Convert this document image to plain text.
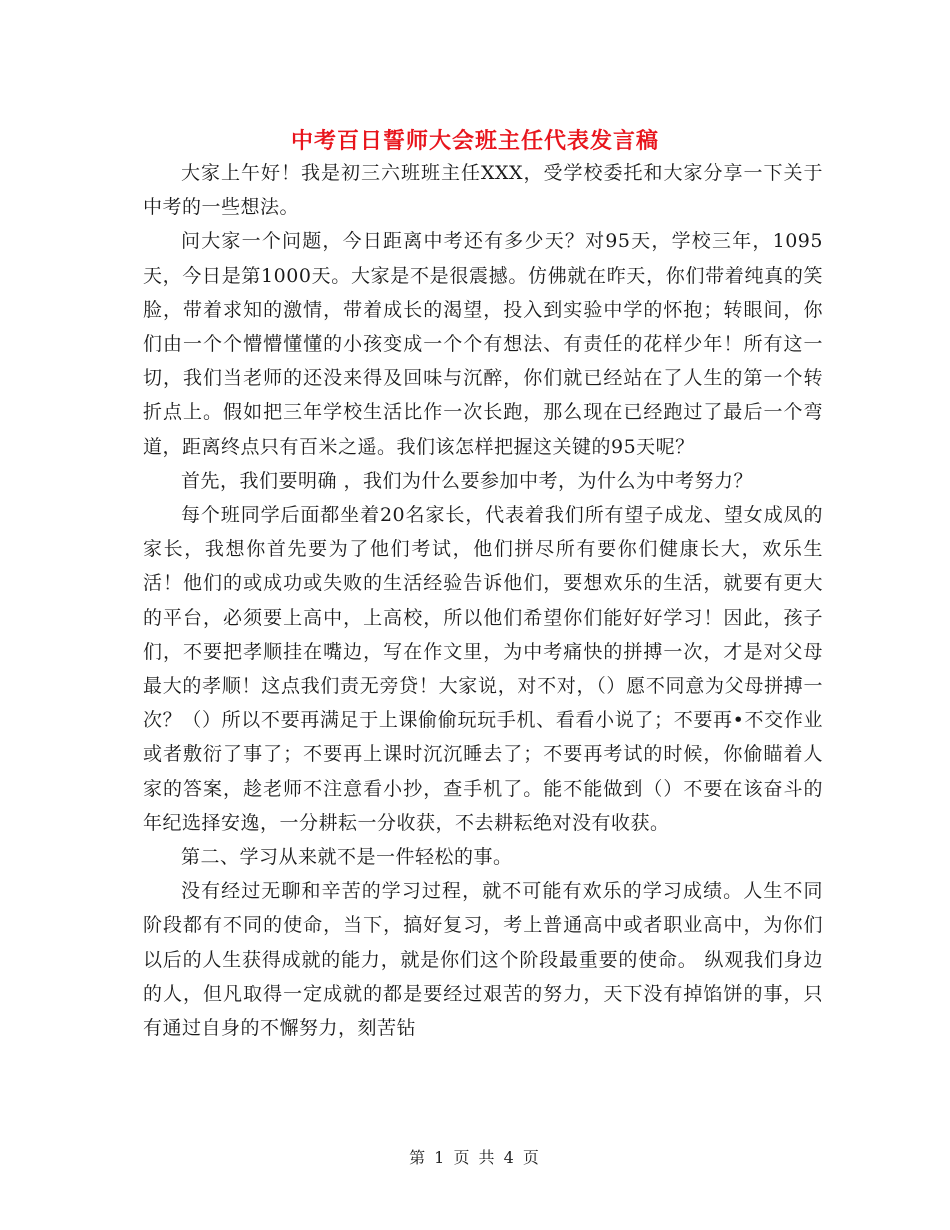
中考百日誓师大会班主任代表发言稿

大家上午好！我是初三六班班主任XXX，受学校委托和大家分享一下关于中考的一些想法。

问大家一个问题，今日距离中考还有多少天？对95天，学校三年，1095天，今日是第1000天。大家是不是很震撼。仿佛就在昨天，你们带着纯真的笑脸，带着求知的激情，带着成长的渴望，投入到实验中学的怀抱；转眼间，你们由一个个懵懵懂懂的小孩变成一个个有想法、有责任的花样少年！所有这一切，我们当老师的还没来得及回味与沉醉，你们就已经站在了人生的第一个转折点上。假如把三年学校生活比作一次长跑，那么现在已经跑过了最后一个弯道，距离终点只有百米之遥。我们该怎样把握这关键的95天呢？

首先，我们要明确 ，我们为什么要参加中考，为什么为中考努力？

每个班同学后面都坐着20名家长，代表着我们所有望子成龙、望女成凤的家长，我想你首先要为了他们考试，他们拼尽所有要你们健康长大，欢乐生活！他们的或成功或失败的生活经验告诉他们，要想欢乐的生活，就要有更大的平台，必须要上高中，上高校，所以他们希望你们能好好学习！因此，孩子们，不要把孝顺挂在嘴边，写在作文里，为中考痛快的拼搏一次，才是对父母最大的孝顺！这点我们责无旁贷！大家说，对不对，（）愿不同意为父母拼搏一次？（）所以不要再满足于上课偷偷玩玩手机、看看小说了；不要再•不交作业或者敷衍了事了；不要再上课时沉沉睡去了；不要再考试的时候，你偷瞄着人家的答案，趁老师不注意看小抄，查手机了。能不能做到（）不要在该奋斗的年纪选择安逸，一分耕耘一分收获，不去耕耘绝对没有收获。

第二、学习从来就不是一件轻松的事。

没有经过无聊和辛苦的学习过程，就不可能有欢乐的学习成绩。人生不同阶段都有不同的使命，当下，搞好复习，考上普通高中或者职业高中，为你们以后的人生获得成就的能力，就是你们这个阶段最重要的使命。 纵观我们身边的人，但凡取得一定成就的都是要经过艰苦的努力，天下没有掉馅饼的事，只有通过自身的不懈努力，刻苦钻

第 1 页 共 4 页
